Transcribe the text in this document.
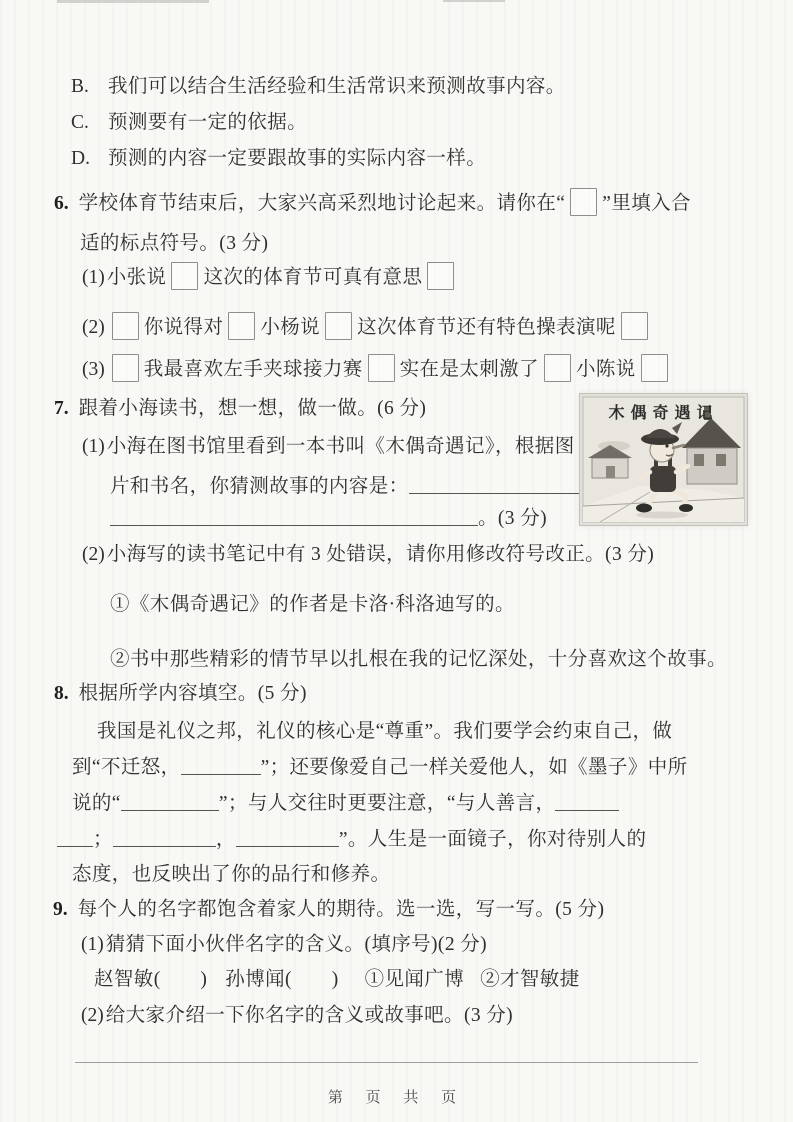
B. 我们可以结合生活经验和生活常识来预测故事内容。
C. 预测要有一定的依据。
D. 预测的内容一定要跟故事的实际内容一样。
6. 学校体育节结束后，大家兴高采烈地讨论起来。请你在“ ”里填入合
适的标点符号。(3 分)
(1) 小张说 这次的体育节可真有意思
(2) 你说得对 小杨说 这次体育节还有特色操表演呢
(3) 我最喜欢左手夹球接力赛 实在是太刺激了 小陈说
7. 跟着小海读书，想一想，做一做。(6 分)
(1) 小海在图书馆里看到一本书叫《木偶奇遇记》，根据图
片和书名，你猜测故事的内容是：
。(3 分)
(2) 小海写的读书笔记中有 3 处错误，请你用修改符号改正。(3 分)
①《木偶奇遇记》的作者是卡洛·科洛迪写的。
②书中那些精彩的情节早以扎根在我的记忆深处，十分喜欢这个故事。
木偶奇遇记
8. 根据所学内容填空。(5 分)
我国是礼仪之邦，礼仪的核心是“尊重”。我们要学会约束自己，做
到“不迁怒，	”；还要像爱自己一样关爱他人，如《墨子》中所
说的“	”；与人交往时更要注意，“与人善言，
；	，	”。人生是一面镜子，你对待别人的
态度，也反映出了你的品行和修养。
9. 每个人的名字都饱含着家人的期待。选一选，写一写。(5 分)
(1) 猜猜下面小伙伴名字的含义。(填序号)(2 分)
赵智敏(　　) 孙博闻(　　) ①见闻广博 ②才智敏捷
(2) 给大家介绍一下你名字的含义或故事吧。(3 分)
第 页 共 页
